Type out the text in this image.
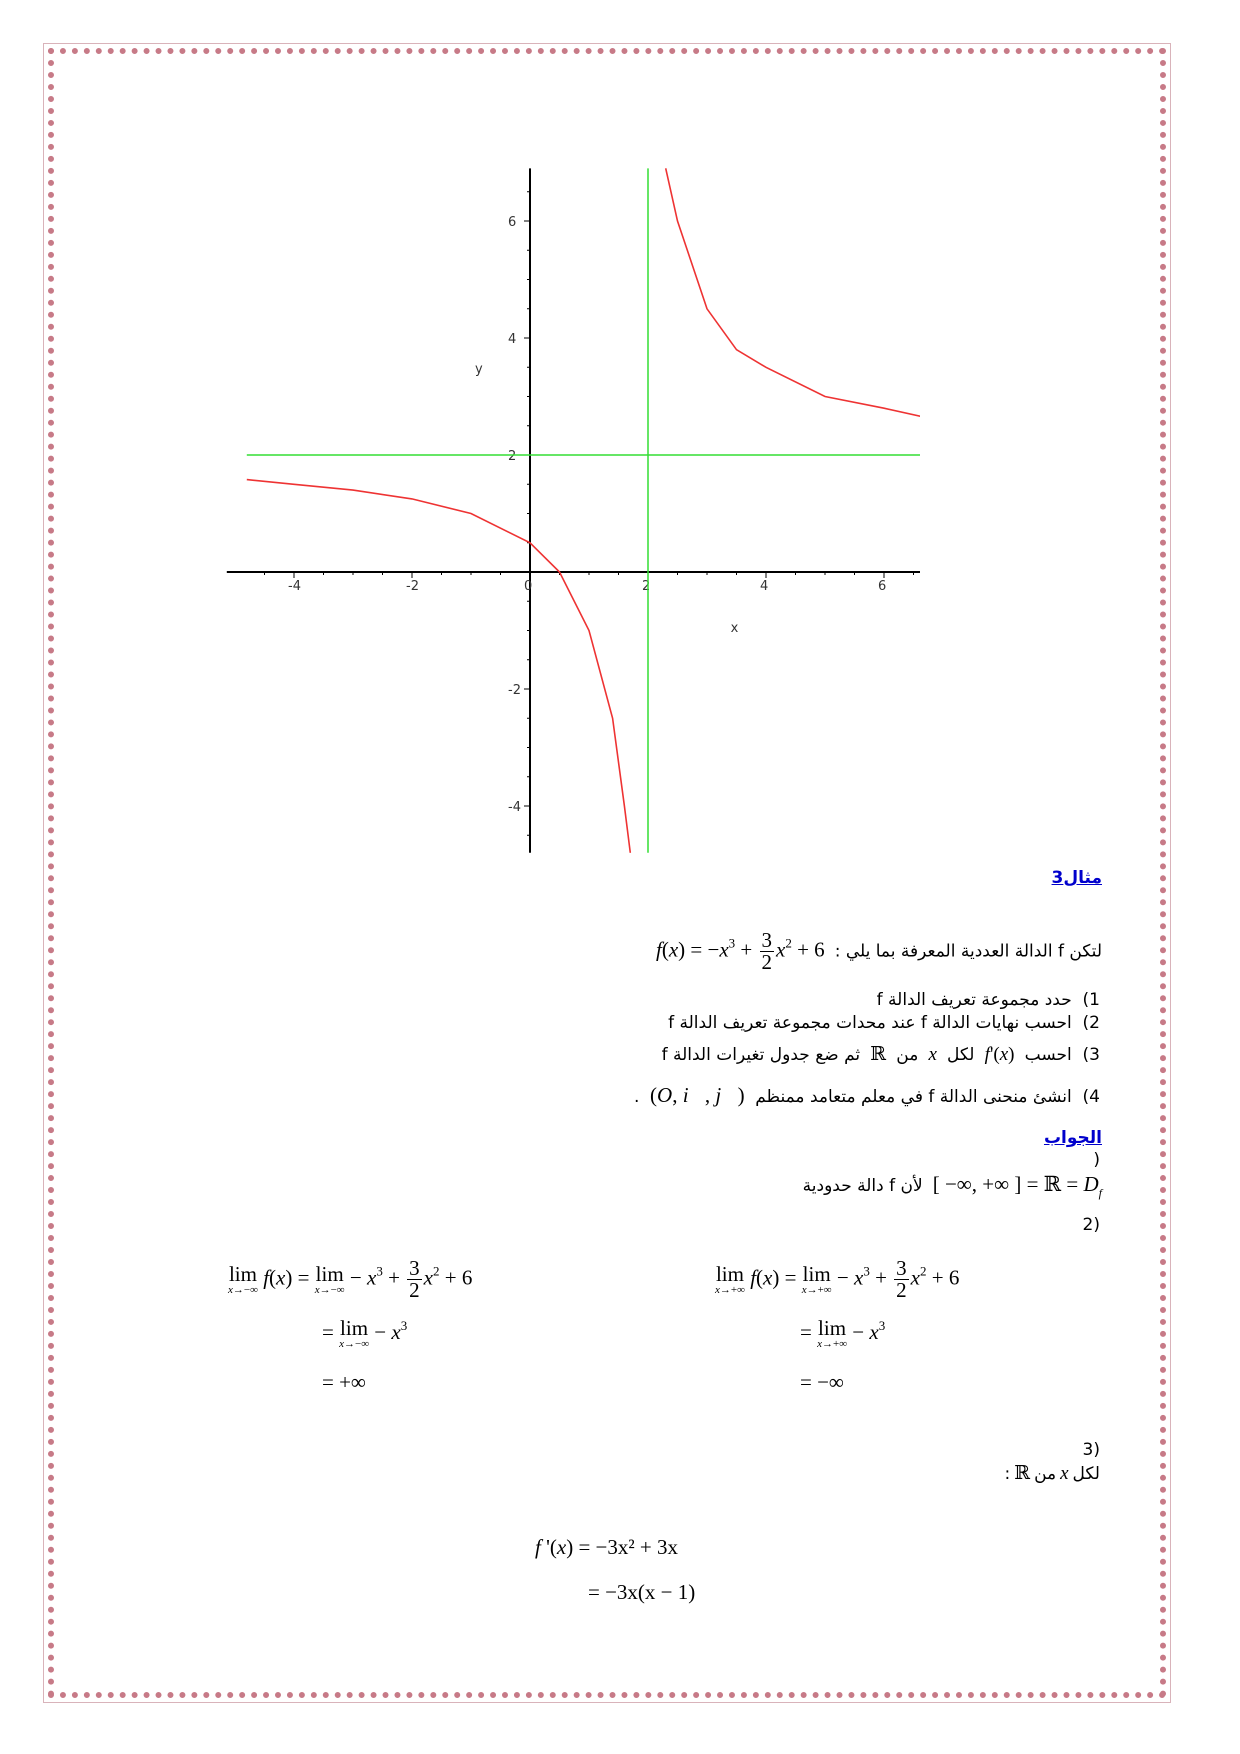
-4	-2	0	2	4	6
6
4
2
-2
-4
x
y
مثال3
لتكن f الدالة العددية المعرفة بما يلي : $f(x) = -x^3 + \frac{3}{2} x^2 + 6$
1)  حدد مجموعة تعريف الدالة f
2)  احسب نهايات الدالة f عند محدات مجموعة تعريف الدالة f
3)  احسب  f'(x)  لكل  x  من  ℝ  ثم ضع جدول تغيرات الدالة f
4)  انشئ منحنى الدالة f في معلم متعامد ممنظم  (O, i⃗, j⃗)  .
الجواب
(
[ −∞, +∞ ] = ℝ = $D_f$ لأن f دالة حدودية
(2
lim
x→+∞
f(x) = lim
x→+∞
− $x^3 + \frac{3}{2} x^2 + 6$
= lim
x→+∞
− $x^3$
= −∞
lim
x→−∞
f(x) = lim
x→−∞
− $x^3 + \frac{3}{2} x^2 + 6$
= lim
x→−∞
− $x^3$
= +∞
(3
لكل x من ℝ :
f '(x) = −3x² + 3x
= −3x(x − 1)
